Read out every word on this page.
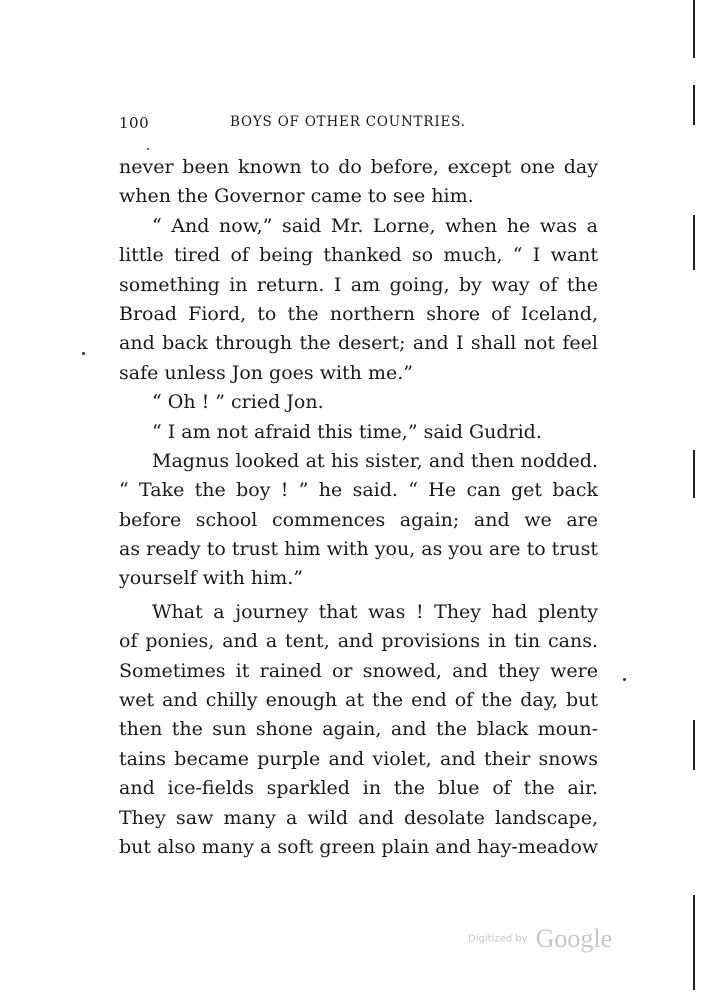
100	BOYS OF OTHER COUNTRIES.
never been known to do before, except one day
when the Governor came to see him.
“ And now,” said Mr. Lorne, when he was a
little tired of being thanked so much, “ I want
something in return. I am going, by way of the
Broad Fiord, to the northern shore of Iceland,
and back through the desert; and I shall not feel
safe unless Jon goes with me.”
“ Oh ! ” cried Jon.
“ I am not afraid this time,” said Gudrid.
Magnus looked at his sister, and then nodded.
“ Take the boy ! ” he said. “ He can get back
before school commences again; and we are
as ready to trust him with you, as you are to trust
yourself with him.”
What a journey that was ! They had plenty
of ponies, and a tent, and provisions in tin cans.
Sometimes it rained or snowed, and they were
wet and chilly enough at the end of the day, but
then the sun shone again, and the black moun-
tains became purple and violet, and their snows
and ice-fields sparkled in the blue of the air.
They saw many a wild and desolate landscape,
but also many a soft green plain and hay-meadow
Digitized by Google
